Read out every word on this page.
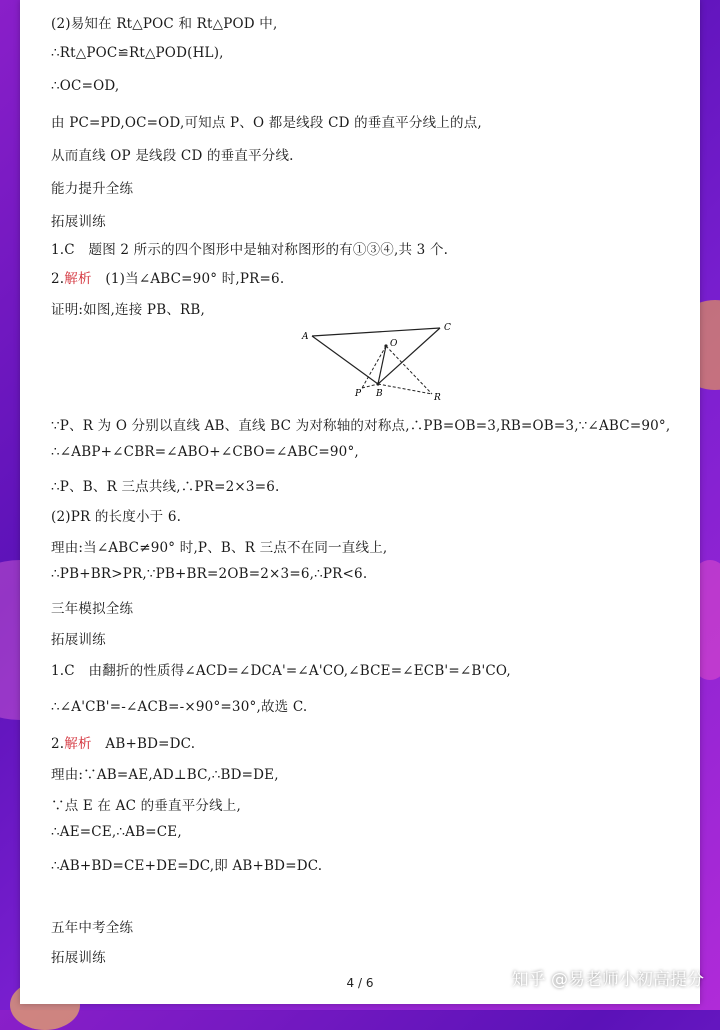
(2)易知在 Rt△POC 和 Rt△POD 中,
∴Rt△POC≌Rt△POD(HL),
∴OC=OD,
由 PC=PD,OC=OD,可知点 P、O 都是线段 CD 的垂直平分线上的点,
从而直线 OP 是线段 CD 的垂直平分线.
能力提升全练
拓展训练
1.C　题图 2 所示的四个图形中是轴对称图形的有①③④,共 3 个.
2.解析　 (1)当∠ABC=90° 时,PR=6.
证明:如图,连接 PB、RB,
A
C
O
P B	R
∵P、R 为 O 分别以直线 AB、直线 BC 为对称轴的对称点,∴PB=OB=3,RB=OB=3,∵∠ABC=90°,
∴∠ABP+∠CBR=∠ABO+∠CBO=∠ABC=90°,
∴P、B、R 三点共线,∴PR=2×3=6.
(2)PR 的长度小于 6.
理由:当∠ABC≠90° 时,P、B、R 三点不在同一直线上,
∴PB+BR>PR,∵PB+BR=2OB=2×3=6,∴PR<6.
三年模拟全练
拓展训练
1.C　由翻折的性质得∠ACD=∠DCA'=∠A'CO,∠BCE=∠ECB'=∠B'CO,
∴∠A'CB'=-∠ACB=-×90°=30°,故选 C.
2.解析　 AB+BD=DC.
理由:∵AB=AE,AD⊥BC,∴BD=DE,
∵点 E 在 AC 的垂直平分线上,
∴AE=CE,∴AB=CE,
∴AB+BD=CE+DE=DC,即 AB+BD=DC.
五年中考全练
拓展训练
4 / 6	知乎 @易老师小初高提分
